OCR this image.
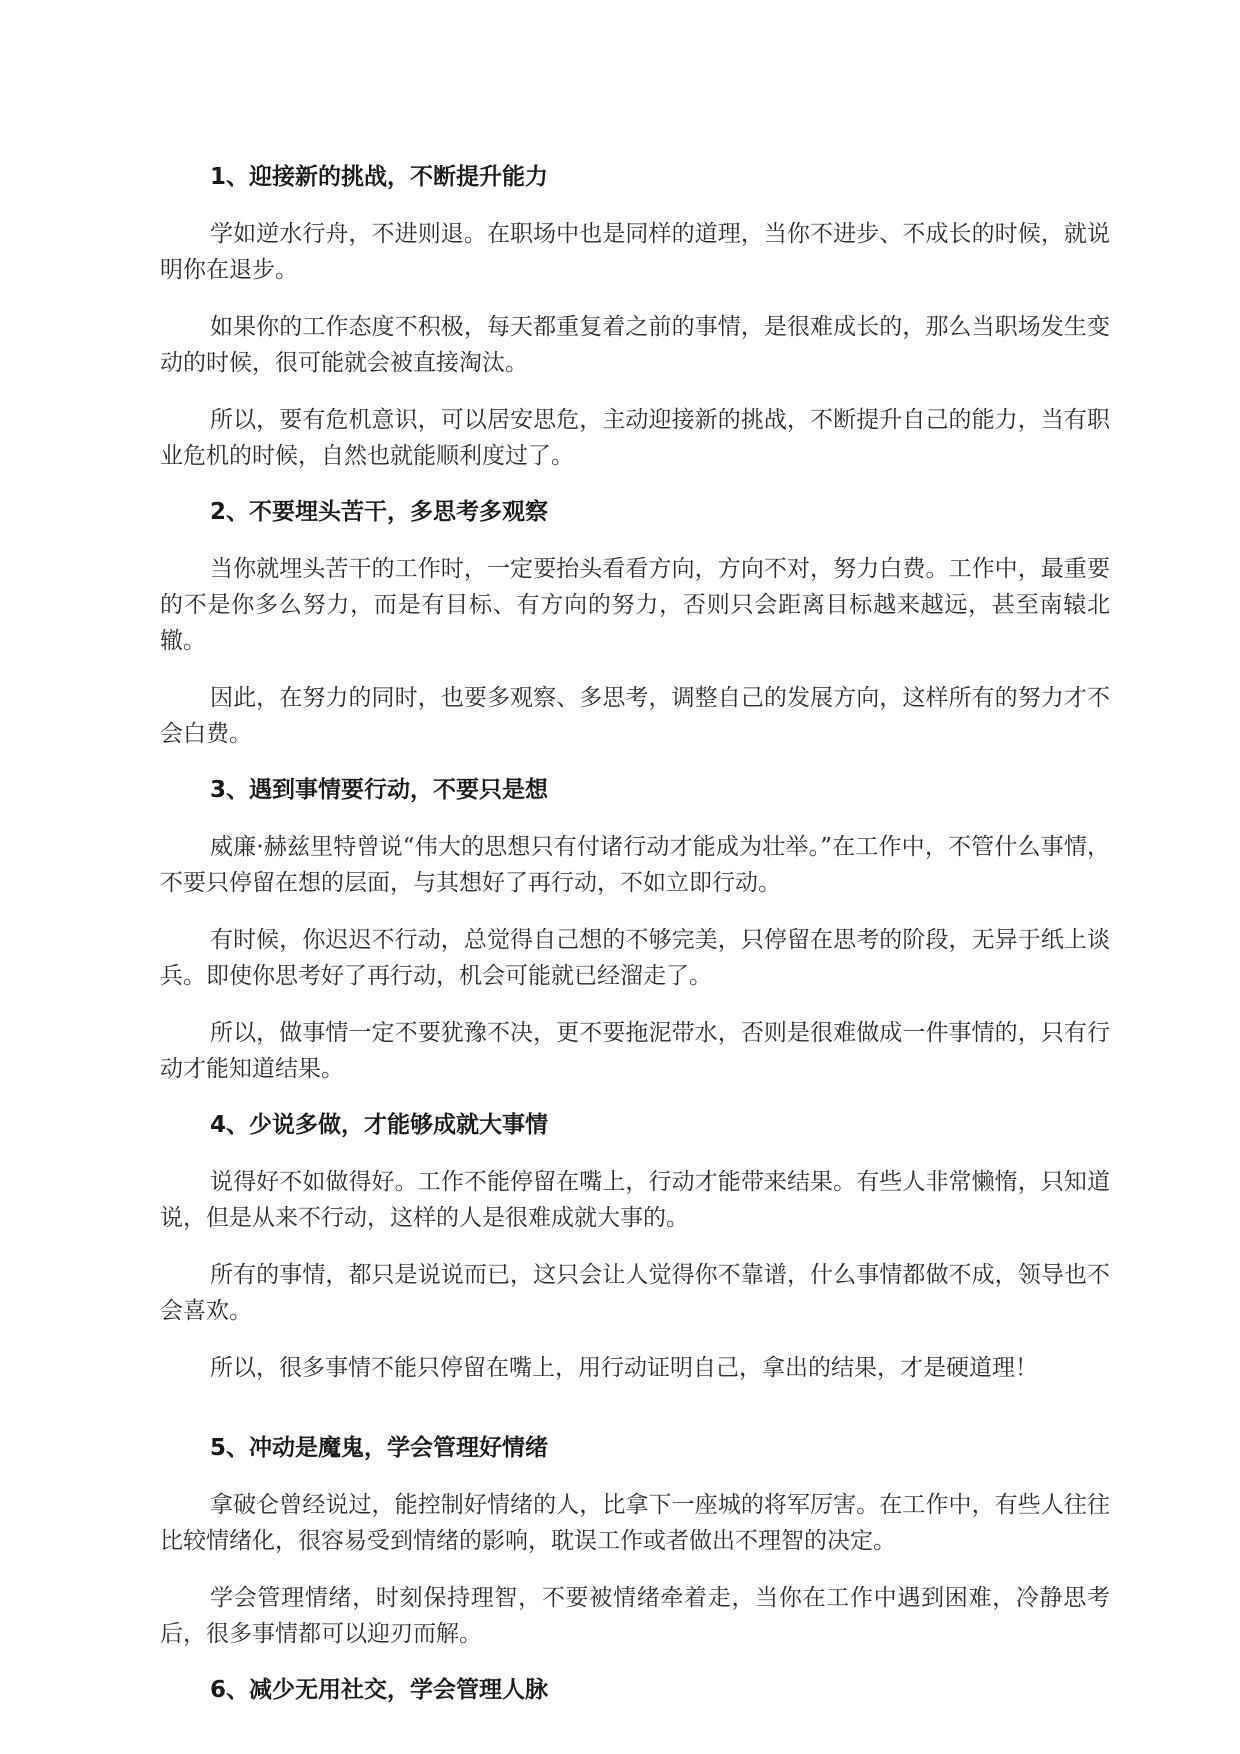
1、迎接新的挑战，不断提升能力
学如逆水行舟，不进则退。在职场中也是同样的道理，当你不进步、不成长的时候，就说明你在退步。
如果你的工作态度不积极，每天都重复着之前的事情，是很难成长的，那么当职场发生变动的时候，很可能就会被直接淘汰。
所以，要有危机意识，可以居安思危，主动迎接新的挑战，不断提升自己的能力，当有职业危机的时候，自然也就能顺利度过了。
2、不要埋头苦干，多思考多观察
当你就埋头苦干的工作时，一定要抬头看看方向，方向不对，努力白费。工作中，最重要的不是你多么努力，而是有目标、有方向的努力，否则只会距离目标越来越远，甚至南辕北辙。
因此，在努力的同时，也要多观察、多思考，调整自己的发展方向，这样所有的努力才不会白费。
3、遇到事情要行动，不要只是想
威廉·赫兹里特曾说“伟大的思想只有付诸行动才能成为壮举。”在工作中，不管什么事情，不要只停留在想的层面，与其想好了再行动，不如立即行动。
有时候，你迟迟不行动，总觉得自己想的不够完美，只停留在思考的阶段，无异于纸上谈兵。即使你思考好了再行动，机会可能就已经溜走了。
所以，做事情一定不要犹豫不决，更不要拖泥带水，否则是很难做成一件事情的，只有行动才能知道结果。
4、少说多做，才能够成就大事情
说得好不如做得好。工作不能停留在嘴上，行动才能带来结果。有些人非常懒惰，只知道说，但是从来不行动，这样的人是很难成就大事的。
所有的事情，都只是说说而已，这只会让人觉得你不靠谱，什么事情都做不成，领导也不会喜欢。
所以，很多事情不能只停留在嘴上，用行动证明自己，拿出的结果，才是硬道理！
5、冲动是魔鬼，学会管理好情绪
拿破仑曾经说过，能控制好情绪的人，比拿下一座城的将军厉害。在工作中，有些人往往比较情绪化，很容易受到情绪的影响，耽误工作或者做出不理智的决定。
学会管理情绪，时刻保持理智，不要被情绪牵着走，当你在工作中遇到困难，冷静思考后，很多事情都可以迎刃而解。
6、减少无用社交，学会管理人脉
